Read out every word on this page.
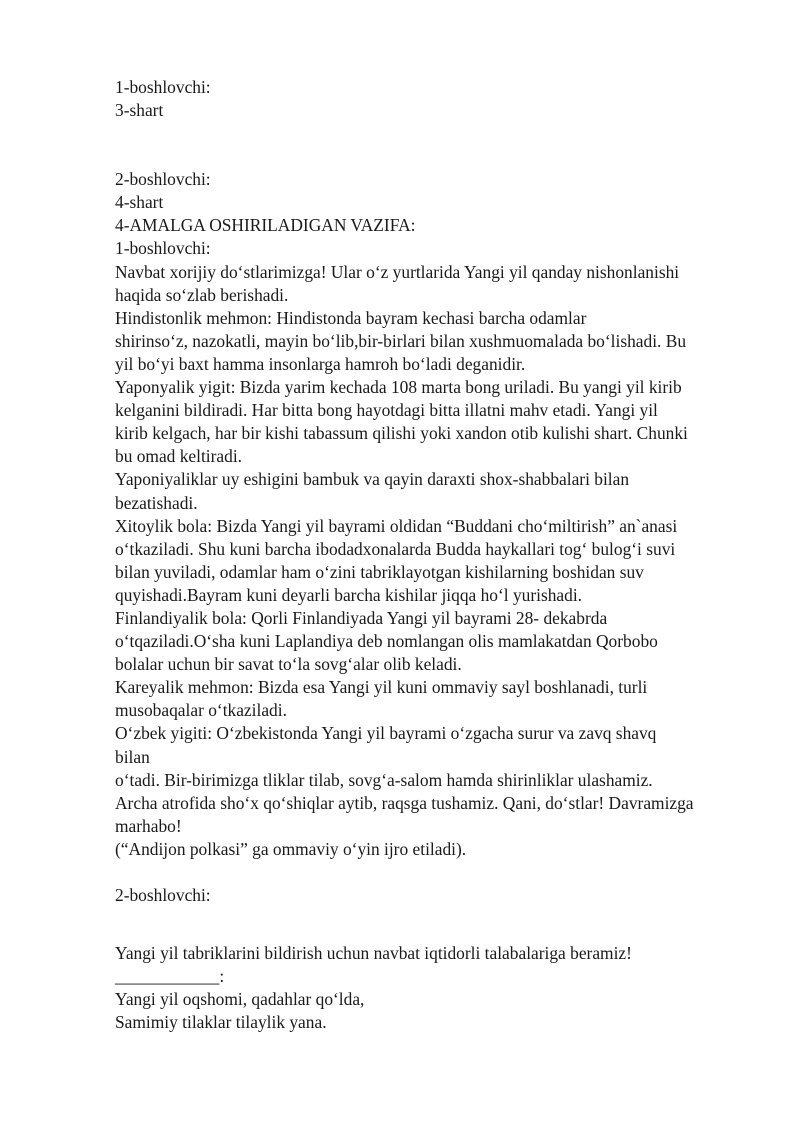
1-boshlovchi:
3-shart
2-boshlovchi:
4-shart
4-AMALGA OSHIRILADIGAN VAZIFA:
1-boshlovchi:
Navbat xorijiy do‘stlarimizga! Ular o‘z yurtlarida Yangi yil qanday nishonlanishi
haqida so‘zlab berishadi.
Hindistonlik mehmon: Hindistonda bayram kechasi barcha odamlar
shirinso‘z, nazokatli, mayin bo‘lib,bir-birlari bilan xushmuomalada bo‘lishadi. Bu
yil bo‘yi baxt hamma insonlarga hamroh bo‘ladi deganidir.
Yaponyalik yigit: Bizda yarim kechada 108 marta bong uriladi. Bu yangi yil kirib
kelganini bildiradi. Har bitta bong hayotdagi bitta illatni mahv etadi. Yangi yil
kirib kelgach, har bir kishi tabassum qilishi yoki xandon otib kulishi shart. Chunki
bu omad keltiradi.
Yaponiyaliklar uy eshigini bambuk va qayin daraxti shox-shabbalari bilan
bezatishadi.
Xitoylik bola: Bizda Yangi yil bayrami oldidan “Buddani cho‘miltirish” an`anasi
o‘tkaziladi. Shu kuni barcha ibodadxonalarda Budda haykallari tog‘ bulog‘i suvi
bilan yuviladi, odamlar ham o‘zini tabriklayotgan kishilarning boshidan suv
quyishadi.Bayram kuni deyarli barcha kishilar jiqqa ho‘l yurishadi.
Finlandiyalik bola: Qorli Finlandiyada Yangi yil bayrami 28- dekabrda
o‘tqaziladi.O‘sha kuni Laplandiya deb nomlangan olis mamlakatdan Qorbobo
bolalar uchun bir savat to‘la sovg‘alar olib keladi.
Kareyalik mehmon: Bizda esa Yangi yil kuni ommaviy sayl boshlanadi, turli
musobaqalar o‘tkaziladi.
O‘zbek yigiti: O‘zbekistonda Yangi yil bayrami o‘zgacha surur va zavq shavq
bilan
o‘tadi. Bir-birimizga tliklar tilab, sovg‘a-salom hamda shirinliklar ulashamiz.
Archa atrofida sho‘x qo‘shiqlar aytib, raqsga tushamiz. Qani, do‘stlar! Davramizga
marhabo!
(“Andijon polkasi” ga ommaviy o‘yin ijro etiladi).
2-boshlovchi:
Yangi yil tabriklarini bildirish uchun navbat iqtidorli talabalariga beramiz!
____________:
Yangi yil oqshomi, qadahlar qo‘lda,
Samimiy tilaklar tilaylik yana.
